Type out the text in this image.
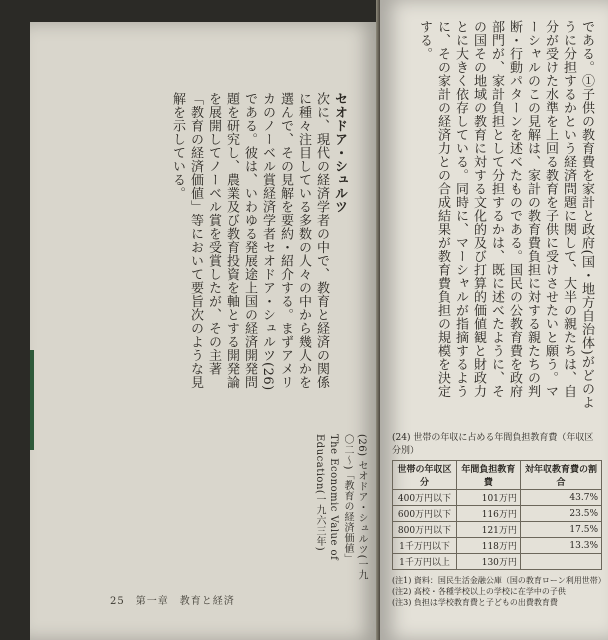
セオドア・シュルツ
次に、現代の経済学者の中で、教育と経済の関係に種々注目している多数の人々の中から幾人かを選んで、その見解を要約・紹介する。まずアメリカのノーベル賞経済学者セオドア・シュルツ(26)である。彼は、いわゆる発展途上国の経済開発問題を研究し、農業及び教育投資を軸とする開発論を展開してノーベル賞を受賞したが、その主著「教育の経済価値」等において要旨次のような見解を示している。
(26) セオドア・シュルツ(一九〇二〜)「教育の経済価値」The Economic Value of Education(一九六三年)
25　第一章　教育と経済
である。①子供の教育費を家計と政府(国・地方自治体)がどのように分担するかという経済問題に関して、大半の親たちは、自分が受けた水準を上回る教育を子供に受けさせたいと願う。マーシャルのこの見解は、家計の教育費負担に対する親たちの判断・行動パターンを述べたものである。国民の公教育費を政府部門が、家計負担として分担するかは、既に述べたように、その国その地域の教育に対する文化的及び打算的価値観と財政力とに大きく依存している。同時に、マーシャルが指摘するように、その家計の経済力との合成結果が教育費負担の規模を決定する。
(24) 世帯の年収に占める年間負担教育費（年収区分別）
世帯の年収区分	年間負担教育費	対年収教育費の割合
400万円以下	101万円	43.7%
600万円以下	116万円	23.5%
800万円以下	121万円	17.5%
1千万円以下	118万円	13.3%
1千万円以上	130万円	
(注1) 資料：国民生活金融公庫（国の教育ローン利用世帯）
(注2) 高校・各種学校以上の学校に在学中の子供
(注3) 負担は学校教育費と子どもの出費教育費
